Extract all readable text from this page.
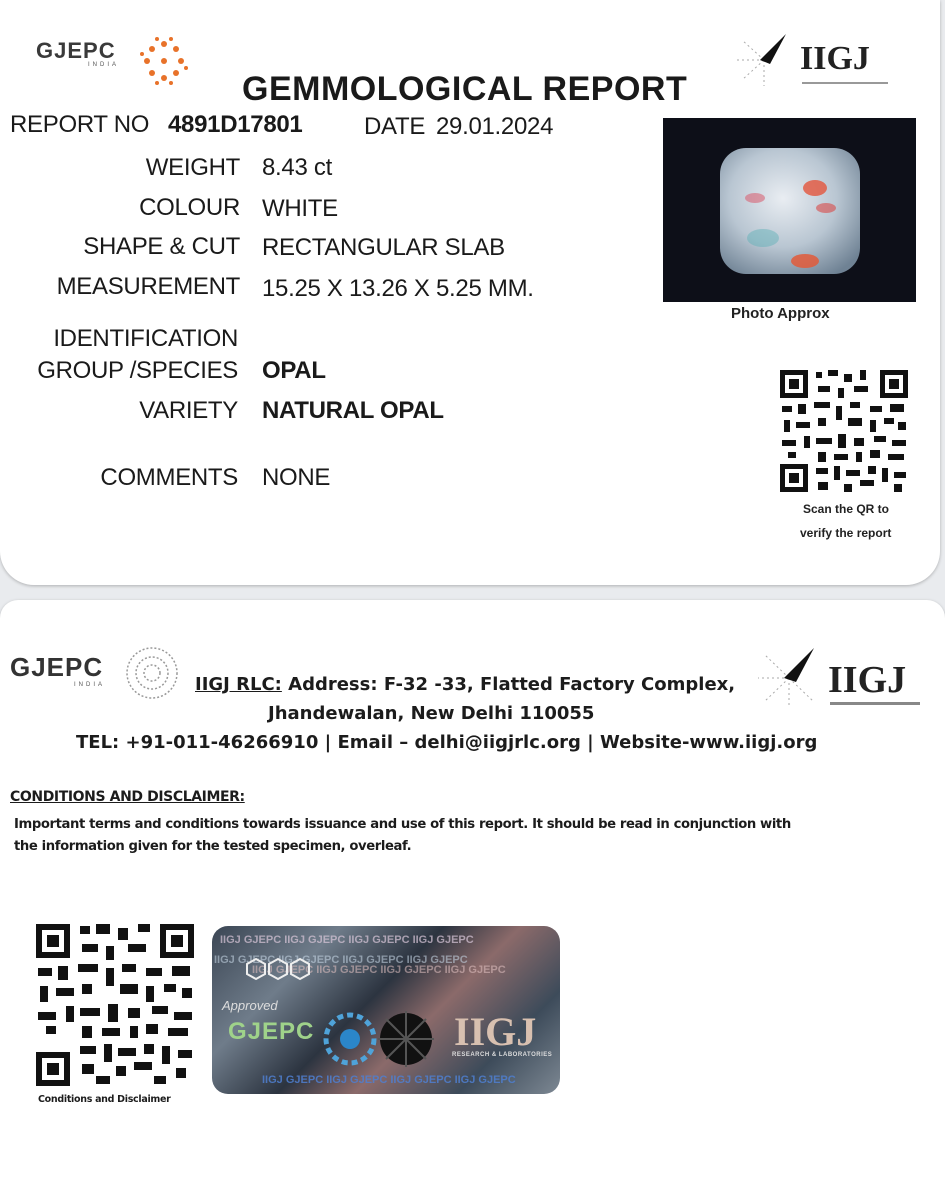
GJEPC
INDIA	IIGJ
GEMMOLOGICAL REPORT
REPORT NO 4891D17801	DATE 29.01.2024
WEIGHT 8.43 ct
COLOUR WHITE
SHAPE & CUT RECTANGULAR SLAB
MEASUREMENT 15.25 X 13.26 X 5.25 MM.
IDENTIFICATION
GROUP /SPECIES OPAL
VARIETY NATURAL OPAL
COMMENTS NONE
Photo Approx
Scan the QR to
verify the report
GJEPC
INDIA	IIGJ
IIGJ RLC: Address: F-32 -33, Flatted Factory Complex,
Jhandewalan, New Delhi 110055
TEL: +91-011-46266910 | Email – delhi@iigjrlc.org | Website-www.iigj.org
CONDITIONS AND DISCLAIMER:
Important terms and conditions towards issuance and use of this report. It should be read in conjunction with
the information given for the tested specimen, overleaf.
Conditions and Disclaimer
IIGJ GJEPC IIGJ GJEPC IIGJ GJEPC IIGJ GJEPC
IIGJ GJEPC IIGJ GJEPC IIGJ GJEPC IIGJ GJEPC
IIGJ GJEPC IIGJ GJEPC IIGJ GJEPC IIGJ GJEPC
Approved
GJEPC	IIGJ
RESEARCH & LABORATORIES
IIGJ GJEPC IIGJ GJEPC IIGJ GJEPC IIGJ GJEPC
